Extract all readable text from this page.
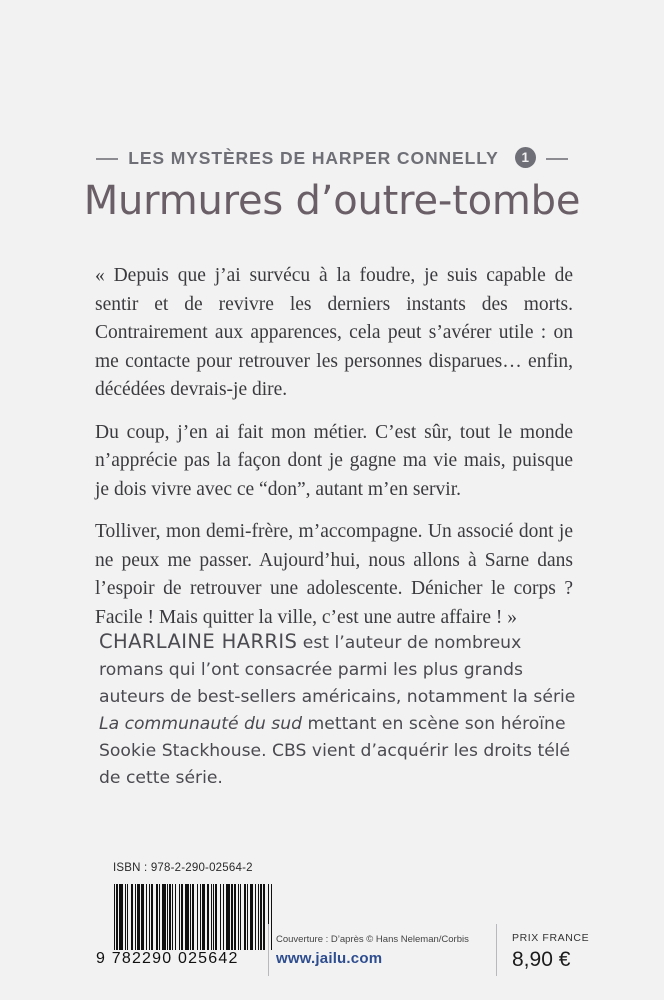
LES MYSTÈRES DE HARPER CONNELLY	1
Murmures d’outre-tombe

« Depuis que j’ai survécu à la foudre, je suis capable de sentir et de revivre les derniers instants des morts. Contrairement aux apparences, cela peut s’avérer utile : on me contacte pour retrouver les personnes disparues… enfin, décédées devrais-je dire.

Du coup, j’en ai fait mon métier. C’est sûr, tout le monde n’apprécie pas la façon dont je gagne ma vie mais, puisque je dois vivre avec ce “don”, autant m’en servir.

Tolliver, mon demi-frère, m’accompagne. Un associé dont je ne peux me passer. Aujourd’hui, nous allons à Sarne dans l’espoir de retrouver une adolescente. Dénicher le corps ? Facile ! Mais quitter la ville, c’est une autre affaire ! »

CHARLAINE HARRIS est l’auteur de nombreux romans qui l’ont consacrée parmi les plus grands auteurs de best-sellers américains, notamment la série La communauté du sud mettant en scène son héroïne Sookie Stackhouse. CBS vient d’acquérir les droits télé de cette série.
ISBN : 978-2-290-02564-2
9 782290 025642
Couverture : D’après © Hans Neleman/Corbis
www.jailu.com
PRIX FRANCE
8,90 €
